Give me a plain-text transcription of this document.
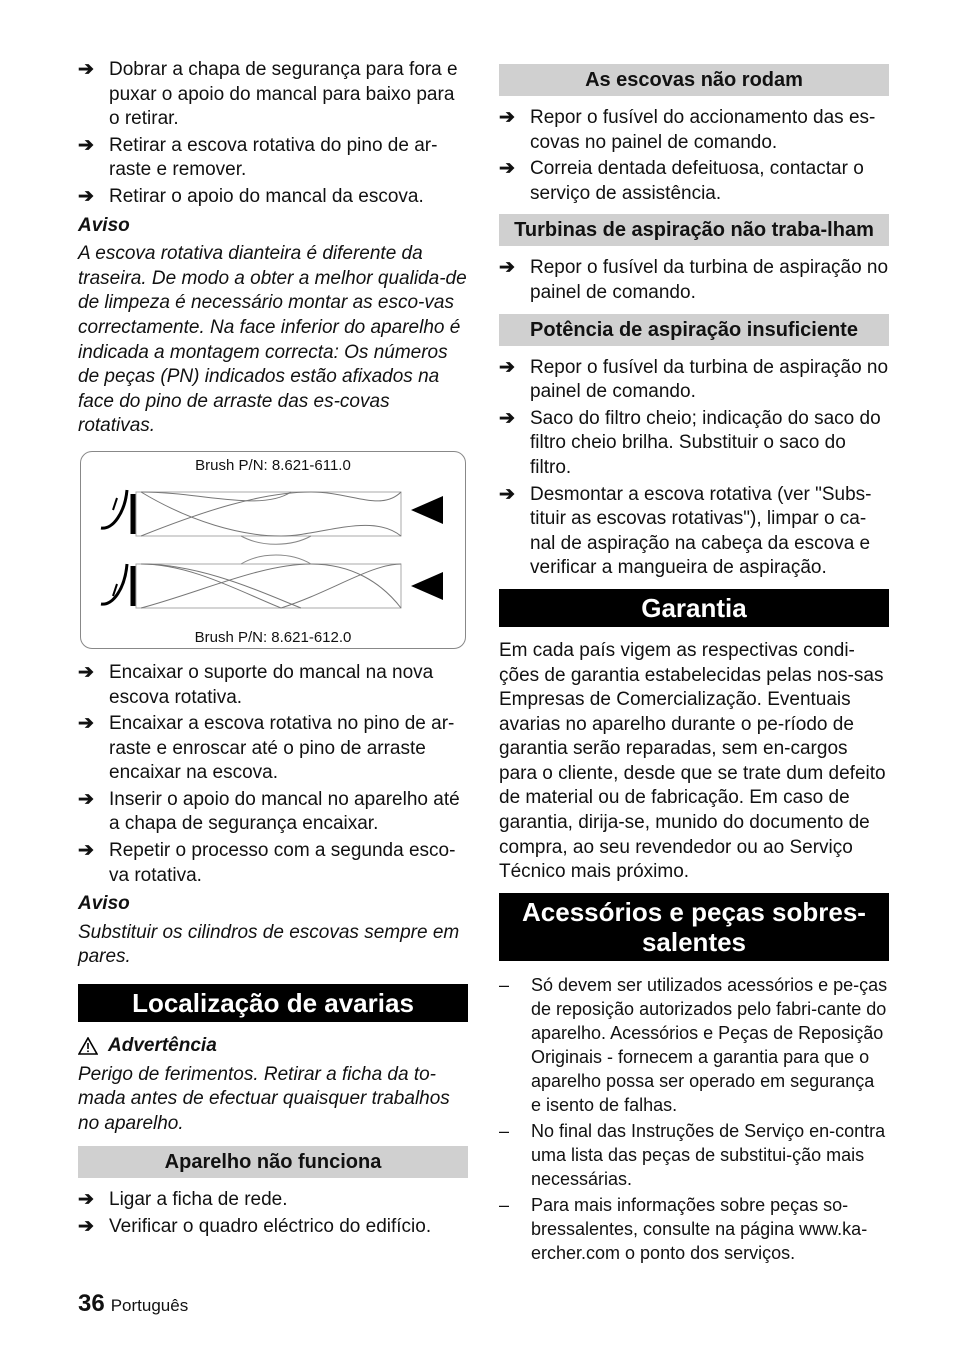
➔ Dobrar a chapa de segurança para fora e puxar o apoio do mancal para baixo para o retirar.
➔ Retirar a escova rotativa do pino de ar-raste e remover.
➔ Retirar o apoio do mancal da escova.
Aviso

A escova rotativa dianteira é diferente da traseira. De modo a obter a melhor qualida-de de limpeza é necessário montar as esco-vas correctamente. Na face inferior do aparelho é indicada a montagem correcta: Os números de peças (PN) indicados estão afixados na face do pino de arraste das es-covas rotativas.

Brush P/N: 8.621-611.0
Brush P/N: 8.621-612.0
➔ Encaixar o suporte do mancal na nova escova rotativa.
➔ Encaixar a escova rotativa no pino de ar-raste e enroscar até o pino de arraste encaixar na escova.
➔ Inserir o apoio do mancal no aparelho até a chapa de segurança encaixar.
➔ Repetir o processo com a segunda esco-va rotativa.
Aviso

Substituir os cilindros de escovas sempre em pares.

Localização de avarias
Advertência

Perigo de ferimentos. Retirar a ficha da to-mada antes de efectuar quaisquer trabalhos no aparelho.

Aparelho não funciona
➔ Ligar a ficha de rede.
➔ Verificar o quadro eléctrico do edifício.
As escovas não rodam
➔ Repor o fusível do accionamento das es-covas no painel de comando.
➔ Correia dentada defeituosa, contactar o serviço de assistência.
Turbinas de aspiração não traba-lham
➔ Repor o fusível da turbina de aspiração no painel de comando.
Potência de aspiração insuficiente
➔ Repor o fusível da turbina de aspiração no painel de comando.
➔ Saco do filtro cheio; indicação do saco do filtro cheio brilha. Substituir o saco do filtro.
➔ Desmontar a escova rotativa (ver "Subs-tituir as escovas rotativas"), limpar o ca-nal de aspiração na cabeça da escova e verificar a mangueira de aspiração.
Garantia

Em cada país vigem as respectivas condi-ções de garantia estabelecidas pelas nos-sas Empresas de Comercialização. Eventuais avarias no aparelho durante o pe-ríodo de garantia serão reparadas, sem en-cargos para o cliente, desde que se trate dum defeito de material ou de fabricação. Em caso de garantia, dirija-se, munido do documento de compra, ao seu revendedor ou ao Serviço Técnico mais próximo.

Acessórios e peças sobres-salentes
– Só devem ser utilizados acessórios e pe-ças de reposição autorizados pelo fabri-cante do aparelho. Acessórios e Peças de Reposição Originais - fornecem a garantia para que o aparelho possa ser operado em segurança e isento de falhas.
– No final das Instruções de Serviço en-contra uma lista das peças de substitui-ção mais necessárias.
– Para mais informações sobre peças so-bressalentes, consulte na página www.ka-ercher.com o ponto dos serviços.
36 Português
